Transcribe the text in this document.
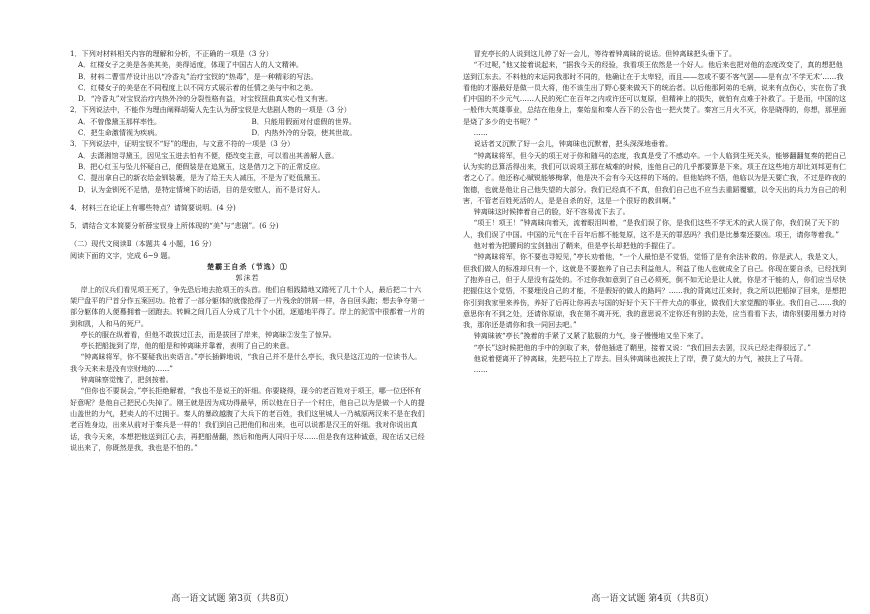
1．下列对材料相关内容的理解和分析，不正确的一项是（3 分）

A．红楼女子之美是各美其美，美得适度，体现了中国古人的人文精神。

B．材料二曹雪芹设计出以“冷香丸”治疗宝钗的“热毒”，是一种精彩的写法。

C．红楼女子的美是在不同程度上以不同方式展示着的任情之美与中和之美。

D．“冷香丸”对宝钗治疗内热外冷的分裂性格有益，对宝钗扭曲真实心性又有害。

2．下列说法中，不能作为理由阐释胡菊人先生认为薛宝钗是大悲剧人物的一项是（3 分）

A．不曾像黛玉那样率性。	B．只能用假面对付虚假的世界。
C．把生命激情视为疾病。	D．内热外冷的分裂，使其世故。

3．下列说法中，证明宝钗不“好”的理由，与文意不符的一项是（3 分）

A．去潇湘馆寻黛玉，因见宝玉进去怕有不便，便改变主意，可以看出其善解人意。

B．把心红玉与坠儿怀疑自己，便假装是在追黛玉，这是借刀之下的正常反应。

C．提出拿自己的新衣给金钏装裹，是为了给王夫人减压，不是为了贬低黛玉。

D．认为金钏死不足惜，是特定情境下的话语，目的是安慰人，而不是讨好人。

4．材料三在论证上有哪些特点？请简要说明。(4 分)

5．请结合文本简要分析薛宝钗身上所体现的“美”与“悲剧”。(6 分)

（二）现代文阅读Ⅱ（本题共 4 小题，16 分）

阅读下面的文字，完成 6~9 题。

楚霸王自杀（节选）①

郭沫若

岸上的汉兵们看见项王死了，争先恐后地去抢项王的头首。他们自相践踏地又踏死了几十个人，最后把二十六架尸盘平的尸首分作五案回功。抢着了一部分躯体的就像抢得了一片残余的饼屑一样，各自回头跑；想去争夺第一部分躯体的人便蓦拥着一团跑去。转瞬之间几百人分成了几十个小团，逐遁地平得了。岸上的泥雪中很都着一片的到和凯，人和马的死尸。

亭长的服在纵着看，但他不敢拔过江去，而是拔回了岸来，钟离昧②发生了惊异。

亭长把船拢到了岸，他的船是和钟离昧并靠着，表明了自己的来意。

“钟离昧将军，你不要疑我出卖语言。”亭长插僻地说，“我自己并不是什么亭长，我只是这江边的一位读书人。我今天来未是没有宗财地的……”

钟离昧察觉愧了，把剑按着。

“但你也不要误会，”亭长拒绝解着，“我也不是说王的奸细。你要晓得，现今的老百姓对于项王，哪一位还怀有好意呢？是他自己把民心失掉了。刚王就是因为成功得最早，所以他在日子一个村庄，他自己以为是做一个人的提山盖世的力气，把卖人的不过拥于。秦人的暴政越腹了大兵下的老百姓，我们这里城人一乃城原两汉来不是在我们老百姓身边，出来从前对于秦兵是一样的！我们到自己把他们和出来，也可以说都是汉王的奸细。我对你说出真话，我今天来，本想把他送到江心去，再把船凿翻，然后和他两人同归于尽……但是我有这种诚意，现在话又已经说出来了，你既然是我，我也是不怕的。”

高一语文试题 第3页（共8页）

冒充亭长的人说到这儿停了好一会儿，等待着钟离昧的说话。但钟离昧把头垂下了。

“不过呢，”他又接着说起来，“据我今天的经验，我看项王依然是一个好人。他后来也把对他的态度改变了，真的想把他送到江东去。不料他的末运同我那时不同的，他确让在于太卑轻，而且——忽或不要不客气罢——是有点‘不学无术’……我看他的才器最好是做一员大将，他不该生出了野心要来做天下的统治者。以后他那阿弟的毛病，说来有点伤心，实在伤了我们中国的不少元气……人民的死亡在百年之内或许还可以复原，但精神上的损失，就怕有点难于补救了。于是而，中国的这一般伟大英雄事业，总结在他身上，秦始皇和秦人吞下的公告也一把火焚了。秦宫三月火不灭，你是晓得的，你想，那里面是烧了多少的史书呢？”

……

说话者又沉默了好一会儿，钟离昧也沉默着，把头深深地垂着。

“钟离昧将军，但今天的项王对于你和随马的态度，我真是受了不感动卒。一个人临到生死关头，能够翻翻复奏的把自己认为实的总算活得出来，我们可以说项王那在城难的时候，连他自己的几乎都要算是下来。项王在这些地方却比刘邦更有仁者之心了。他还称心赋锐能够梅掌，他是决不会有今天这样的下场的。但他始终不悟，他临以为是天要亡我，不过是昨夜的饱德，也就是他让自己他失望的大部分。我们已经真不不真，但我们自己也不应当去重蹈覆辙，以令天出的兵力为自己的利害，不管老百姓死活的人，是是自杀的好，这是一个很好的教训啊。”

钟离昧这时候捧着自己的脸，好不容易流下去了。

“项王！项王！”钟离昧向着天，流着眼泪叫着，“是我们误了你，是我们这些不学无术的武人误了你，我们误了天下的人，我们误了中国。中国的元气在千百年后都不能复原，这不是天的罪恶吗？我们是比暴秦还要凶。项王，请你等着我。”

他对着为把腰间的宝剑抽出了鞘来，但是亭长却把他的手握住了。

“钟离昧将军，你不要也寻短见，”亭长劝着他，“一个人最怕是不觉悟，觉悟了是有余法补救的。你是武人，我是文人，但我们做人的标准却只有一个，这就是不要抱养了自己去利益他人，利益了他人也就成全了自己。你现在要自杀，已经找到了抱养自己，但于人是没有益处的。不过你我如意到了自己必须死，倒不如无论是让人就，你是才干能的人，你们应当尽快把握住这个觉悟，不要埋没自己的才能，不是假好的做人的路吗？……我的背离过江来时，我之所以把船掉了回来，是想把你引到我家里来养伤，养好了后再让你再去与国的好好个天下干件大点的事业，做我们大家觉醒的事业。我们自己……我的意思你有不到之处，还请你原谅，我在第不离开死，我的意思说不定你还有别的去处，应当看看下去，请你别要用暴力对待我，那你还是请你和我一同回去吧。”

钟离昧被“亭长”挽着的手紧了又紧了肱服的力气，身子慢慢地又坐下来了。

“亭长”这时候把他的手中的剑取了来，替他插进了鞘里，接着又说：“我们回去去罢，汉兵已经走得很远了。”

他说着便离开了钟离昧，先把马拉上了岸去。回头钟离昧也被扶上了岸，费了莫大的力气，被扶上了马背。

……

高一语文试题 第4页（共8页）
